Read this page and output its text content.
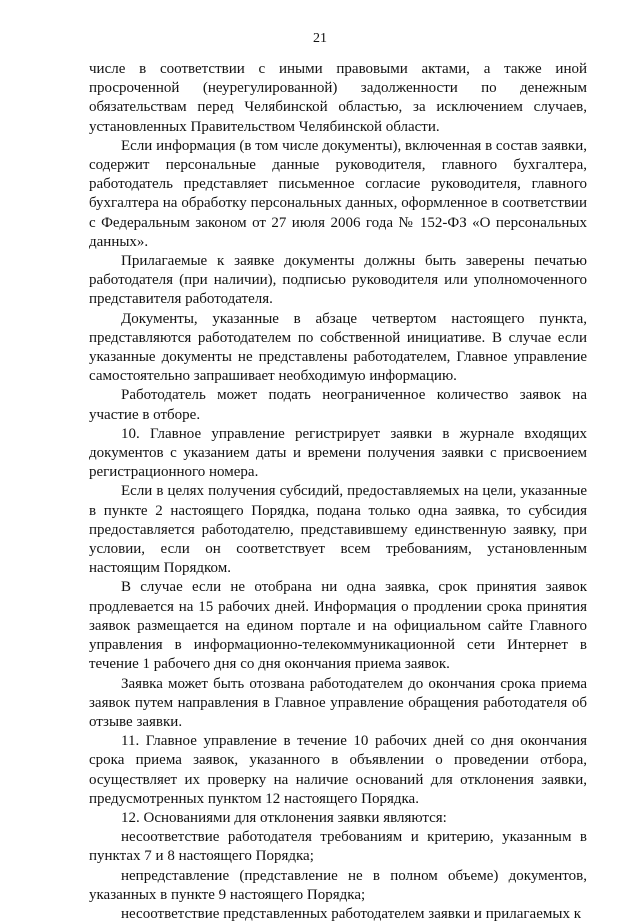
21

числе в соответствии с иными правовыми актами, а также иной просроченной (неурегулированной) задолженности по денежным обязательствам перед Челябинской областью, за исключением случаев, установленных Правительством Челябинской области.

Если информация (в том числе документы), включенная в состав заявки, содержит персональные данные руководителя, главного бухгалтера, работодатель представляет письменное согласие руководителя, главного бухгалтера на обработку персональных данных, оформленное в соответствии с Федеральным законом от 27 июля 2006 года № 152-ФЗ «О персональных данных».

Прилагаемые к заявке документы должны быть заверены печатью работодателя (при наличии), подписью руководителя или уполномоченного представителя работодателя.

Документы, указанные в абзаце четвертом настоящего пункта, представляются работодателем по собственной инициативе. В случае если указанные документы не представлены работодателем, Главное управление самостоятельно запрашивает необходимую информацию.

Работодатель может подать неограниченное количество заявок на участие в отборе.

10. Главное управление регистрирует заявки в журнале входящих документов с указанием даты и времени получения заявки с присвоением регистрационного номера.

Если в целях получения субсидий, предоставляемых на цели, указанные в пункте 2 настоящего Порядка, подана только одна заявка, то субсидия предоставляется работодателю, представившему единственную заявку, при условии, если он соответствует всем требованиям, установленным настоящим Порядком.

В случае если не отобрана ни одна заявка, срок принятия заявок продлевается на 15 рабочих дней. Информация о продлении срока принятия заявок размещается на едином портале и на официальном сайте Главного управления в информационно-телекоммуникационной сети Интернет в течение 1 рабочего дня со дня окончания приема заявок.

Заявка может быть отозвана работодателем до окончания срока приема заявок путем направления в Главное управление обращения работодателя об отзыве заявки.

11. Главное управление в течение 10 рабочих дней со дня окончания срока приема заявок, указанного в объявлении о проведении отбора, осуществляет их проверку на наличие оснований для отклонения заявки, предусмотренных пунктом 12 настоящего Порядка.

12. Основаниями для отклонения заявки являются:

несоответствие работодателя требованиям и критерию, указанным в пунктах 7 и 8 настоящего Порядка;

непредставление (представление не в полном объеме) документов, указанных в пункте 9 настоящего Порядка;

несоответствие представленных работодателем заявки и прилагаемых к
